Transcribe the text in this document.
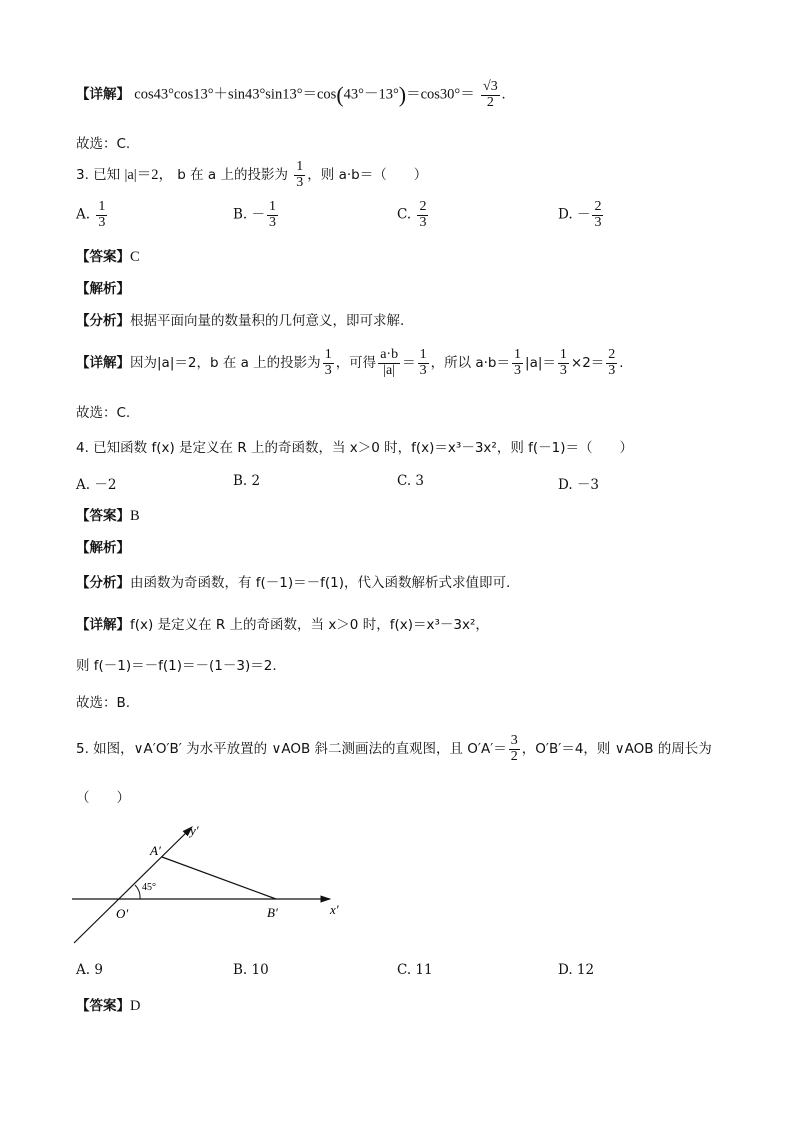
【详解】 $\cos 43^\circ\cos 13^\circ+\sin 43^\circ\sin 13^\circ=\cos(43^\circ-13^\circ)=\cos 30^\circ= \frac{√3}{2}$ .
故选：C.
3. 已知 |a|＝2， b 在 a 上的投影为 $\frac{1}{3}$ ，则 a·b＝（　　）
A. $\frac{1}{3}$	B. － $\frac{1}{3}$	C. $\frac{2}{3}$	D. － $\frac{2}{3}$
【答案】C
【解析】
【分析】根据平面向量的数量积的几何意义，即可求解.
【详解】因为|a|＝2，b 在 a 上的投影为 $\frac{1}{3}$ ，可得 $\frac{a\cdot b}{|a|} = \frac{1}{3}$ ，所以 $a\cdot b= \frac{1}{3} |a|= \frac{1}{3} \times 2= \frac{2}{3}$ .
故选：C.
4. 已知函数 f(x) 是定义在 R 上的奇函数，当 x＞0 时，f(x)＝x³－3x²，则 f(－1)＝（　　）
A. －2	B. 2	C. 3	D. －3
【答案】B
【解析】
【分析】由函数为奇函数，有 f(－1)＝－f(1)，代入函数解析式求值即可.
【详解】f(x) 是定义在 R 上的奇函数，当 x＞0 时，f(x)＝x³－3x²，
则 f(－1)＝－f(1)＝－(1－3)＝2.
故选：B.
5. 如图，∨A′O′B′ 为水平放置的 ∨AOB 斜二测画法的直观图，且 $O'A'= \frac{3}{2}$ ，O′B′＝4，则 ∨AOB 的周长为
（　　）
A′
B′
O′	x′
y′
45°
A. 9	B. 10	C. 11	D. 12
【答案】D
